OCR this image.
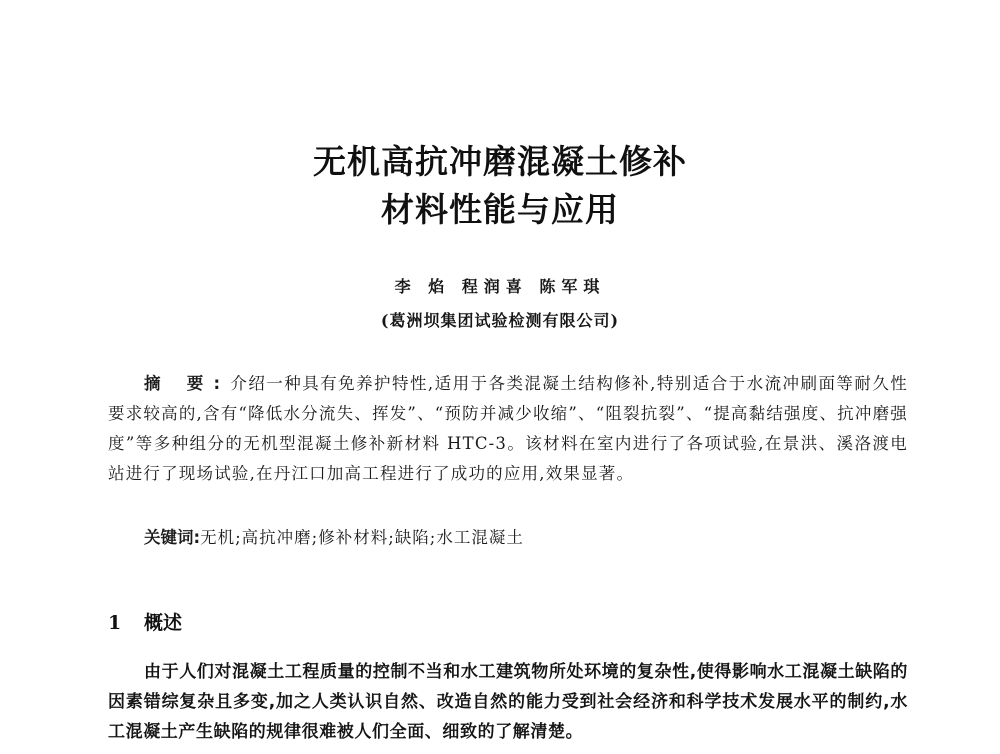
无机高抗冲磨混凝土修补
材料性能与应用
李 焰 程润喜 陈军琪
(葛洲坝集团试验检测有限公司)
摘 要:介绍一种具有免养护特性,适用于各类混凝土结构修补,特别适合于水流冲刷面等耐久性要求较高的,含有“降低水分流失、挥发”、“预防并减少收缩”、“阻裂抗裂”、“提高黏结强度、抗冲磨强度”等多种组分的无机型混凝土修补新材料 HTC-3。该材料在室内进行了各项试验,在景洪、溪洛渡电站进行了现场试验,在丹江口加高工程进行了成功的应用,效果显著。
关键词:无机;高抗冲磨;修补材料;缺陷;水工混凝土
1 概述
由于人们对混凝土工程质量的控制不当和水工建筑物所处环境的复杂性,使得影响水工混凝土缺陷的因素错综复杂且多变,加之人类认识自然、改造自然的能力受到社会经济和科学技术发展水平的制约,水工混凝土产生缺陷的规律很难被人们全面、细致的了解清楚。
